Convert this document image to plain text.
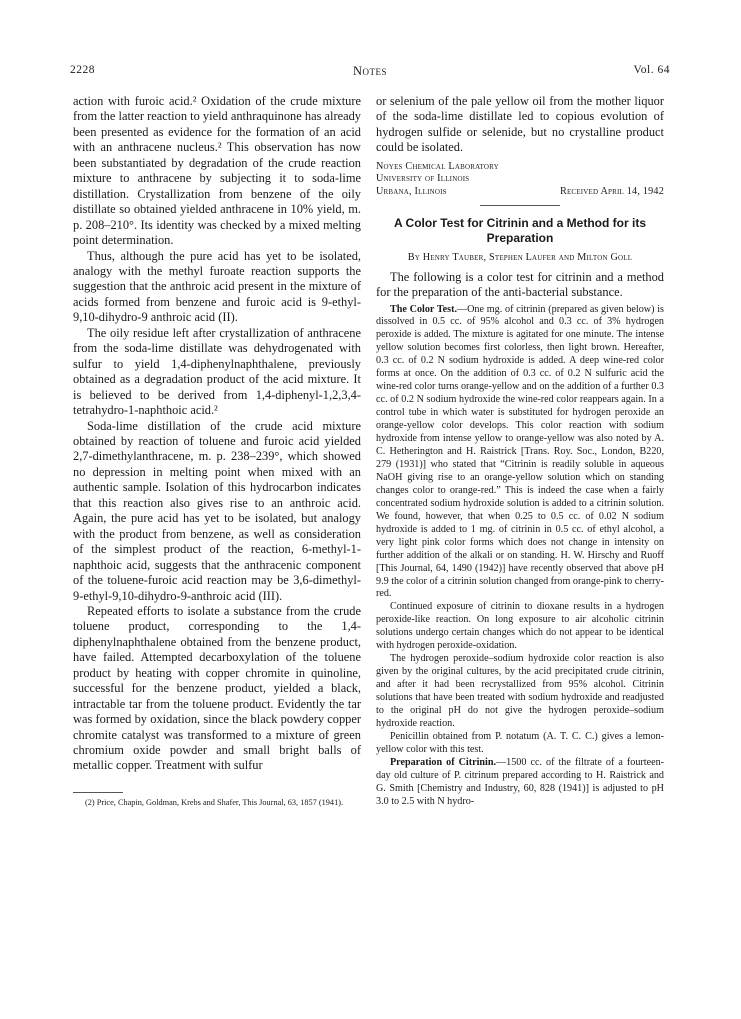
2228	Notes	Vol. 64

action with furoic acid.² Oxidation of the crude mixture from the latter reaction to yield anthraquinone has already been presented as evidence for the formation of an acid with an anthracene nucleus.² This observation has now been substantiated by degradation of the crude reaction mixture to anthracene by subjecting it to soda-lime distillation. Crystallization from benzene of the oily distillate so obtained yielded anthracene in 10% yield, m. p. 208–210°. Its identity was checked by a mixed melting point determination.

Thus, although the pure acid has yet to be isolated, analogy with the methyl furoate reaction supports the suggestion that the anthroic acid present in the mixture of acids formed from benzene and furoic acid is 9-ethyl-9,10-dihydro-9 anthroic acid (II).

The oily residue left after crystallization of anthracene from the soda-lime distillate was dehydrogenated with sulfur to yield 1,4-diphenylnaphthalene, previously obtained as a degradation product of the acid mixture. It is believed to be derived from 1,4-diphenyl-1,2,3,4-tetrahydro-1-naphthoic acid.²

Soda-lime distillation of the crude acid mixture obtained by reaction of toluene and furoic acid yielded 2,7-dimethylanthracene, m. p. 238–239°, which showed no depression in melting point when mixed with an authentic sample. Isolation of this hydrocarbon indicates that this reaction also gives rise to an anthroic acid. Again, the pure acid has yet to be isolated, but analogy with the product from benzene, as well as consideration of the simplest product of the reaction, 6-methyl-1-naphthoic acid, suggests that the anthracenic component of the toluene-furoic acid reaction may be 3,6-dimethyl-9-ethyl-9,10-dihydro-9-anthroic acid (III).

Repeated efforts to isolate a substance from the crude toluene product, corresponding to the 1,4-diphenylnaphthalene obtained from the benzene product, have failed. Attempted decarboxylation of the toluene product by heating with copper chromite in quinoline, successful for the benzene product, yielded a black, intractable tar from the toluene product. Evidently the tar was formed by oxidation, since the black powdery copper chromite catalyst was transformed to a mixture of green chromium oxide powder and small bright balls of metallic copper. Treatment with sulfur

(2) Price, Chapin, Goldman, Krebs and Shafer, This Journal, 63, 1857 (1941).

or selenium of the pale yellow oil from the mother liquor of the soda-lime distillate led to copious evolution of hydrogen sulfide or selenide, but no crystalline product could be isolated.

Noyes Chemical Laboratory
University of Illinois
Urbana, Illinois	Received April 14, 1942
A Color Test for Citrinin and a Method for its Preparation
By Henry Tauber, Stephen Laufer and Milton Goll

The following is a color test for citrinin and a method for the preparation of the anti-bacterial substance.

The Color Test.—One mg. of citrinin (prepared as given below) is dissolved in 0.5 cc. of 95% alcohol and 0.3 cc. of 3% hydrogen peroxide is added. The mixture is agitated for one minute. The intense yellow solution becomes first colorless, then light brown. Hereafter, 0.3 cc. of 0.2 N sodium hydroxide is added. A deep wine-red color forms at once. On the addition of 0.3 cc. of 0.2 N sulfuric acid the wine-red color turns orange-yellow and on the addition of a further 0.3 cc. of 0.2 N sodium hydroxide the wine-red color reappears again. In a control tube in which water is substituted for hydrogen peroxide an orange-yellow color develops. This color reaction with sodium hydroxide from intense yellow to orange-yellow was also noted by A. C. Hetherington and H. Raistrick [Trans. Roy. Soc., London, B220, 279 (1931)] who stated that “Citrinin is readily soluble in aqueous NaOH giving rise to an orange-yellow solution which on standing changes color to orange-red.” This is indeed the case when a fairly concentrated sodium hydroxide solution is added to a citrinin solution. We found, however, that when 0.25 to 0.5 cc. of 0.02 N sodium hydroxide is added to 1 mg. of citrinin in 0.5 cc. of ethyl alcohol, a very light pink color forms which does not change in intensity on further addition of the alkali or on standing. H. W. Hirschy and Ruoff [This Journal, 64, 1490 (1942)] have recently observed that above pH 9.9 the color of a citrinin solution changed from orange-pink to cherry-red.

Continued exposure of citrinin to dioxane results in a hydrogen peroxide-like reaction. On long exposure to air alcoholic citrinin solutions undergo certain changes which do not appear to be identical with hydrogen peroxide-oxidation.

The hydrogen peroxide–sodium hydroxide color reaction is also given by the original cultures, by the acid precipitated crude citrinin, and after it had been recrystallized from 95% alcohol. Citrinin solutions that have been treated with sodium hydroxide and readjusted to the original pH do not give the hydrogen peroxide–sodium hydroxide reaction.

Penicillin obtained from P. notatum (A. T. C. C.) gives a lemon-yellow color with this test.

Preparation of Citrinin.—1500 cc. of the filtrate of a fourteen-day old culture of P. citrinum prepared according to H. Raistrick and G. Smith [Chemistry and Industry, 60, 828 (1941)] is adjusted to pH 3.0 to 2.5 with N hydro-
